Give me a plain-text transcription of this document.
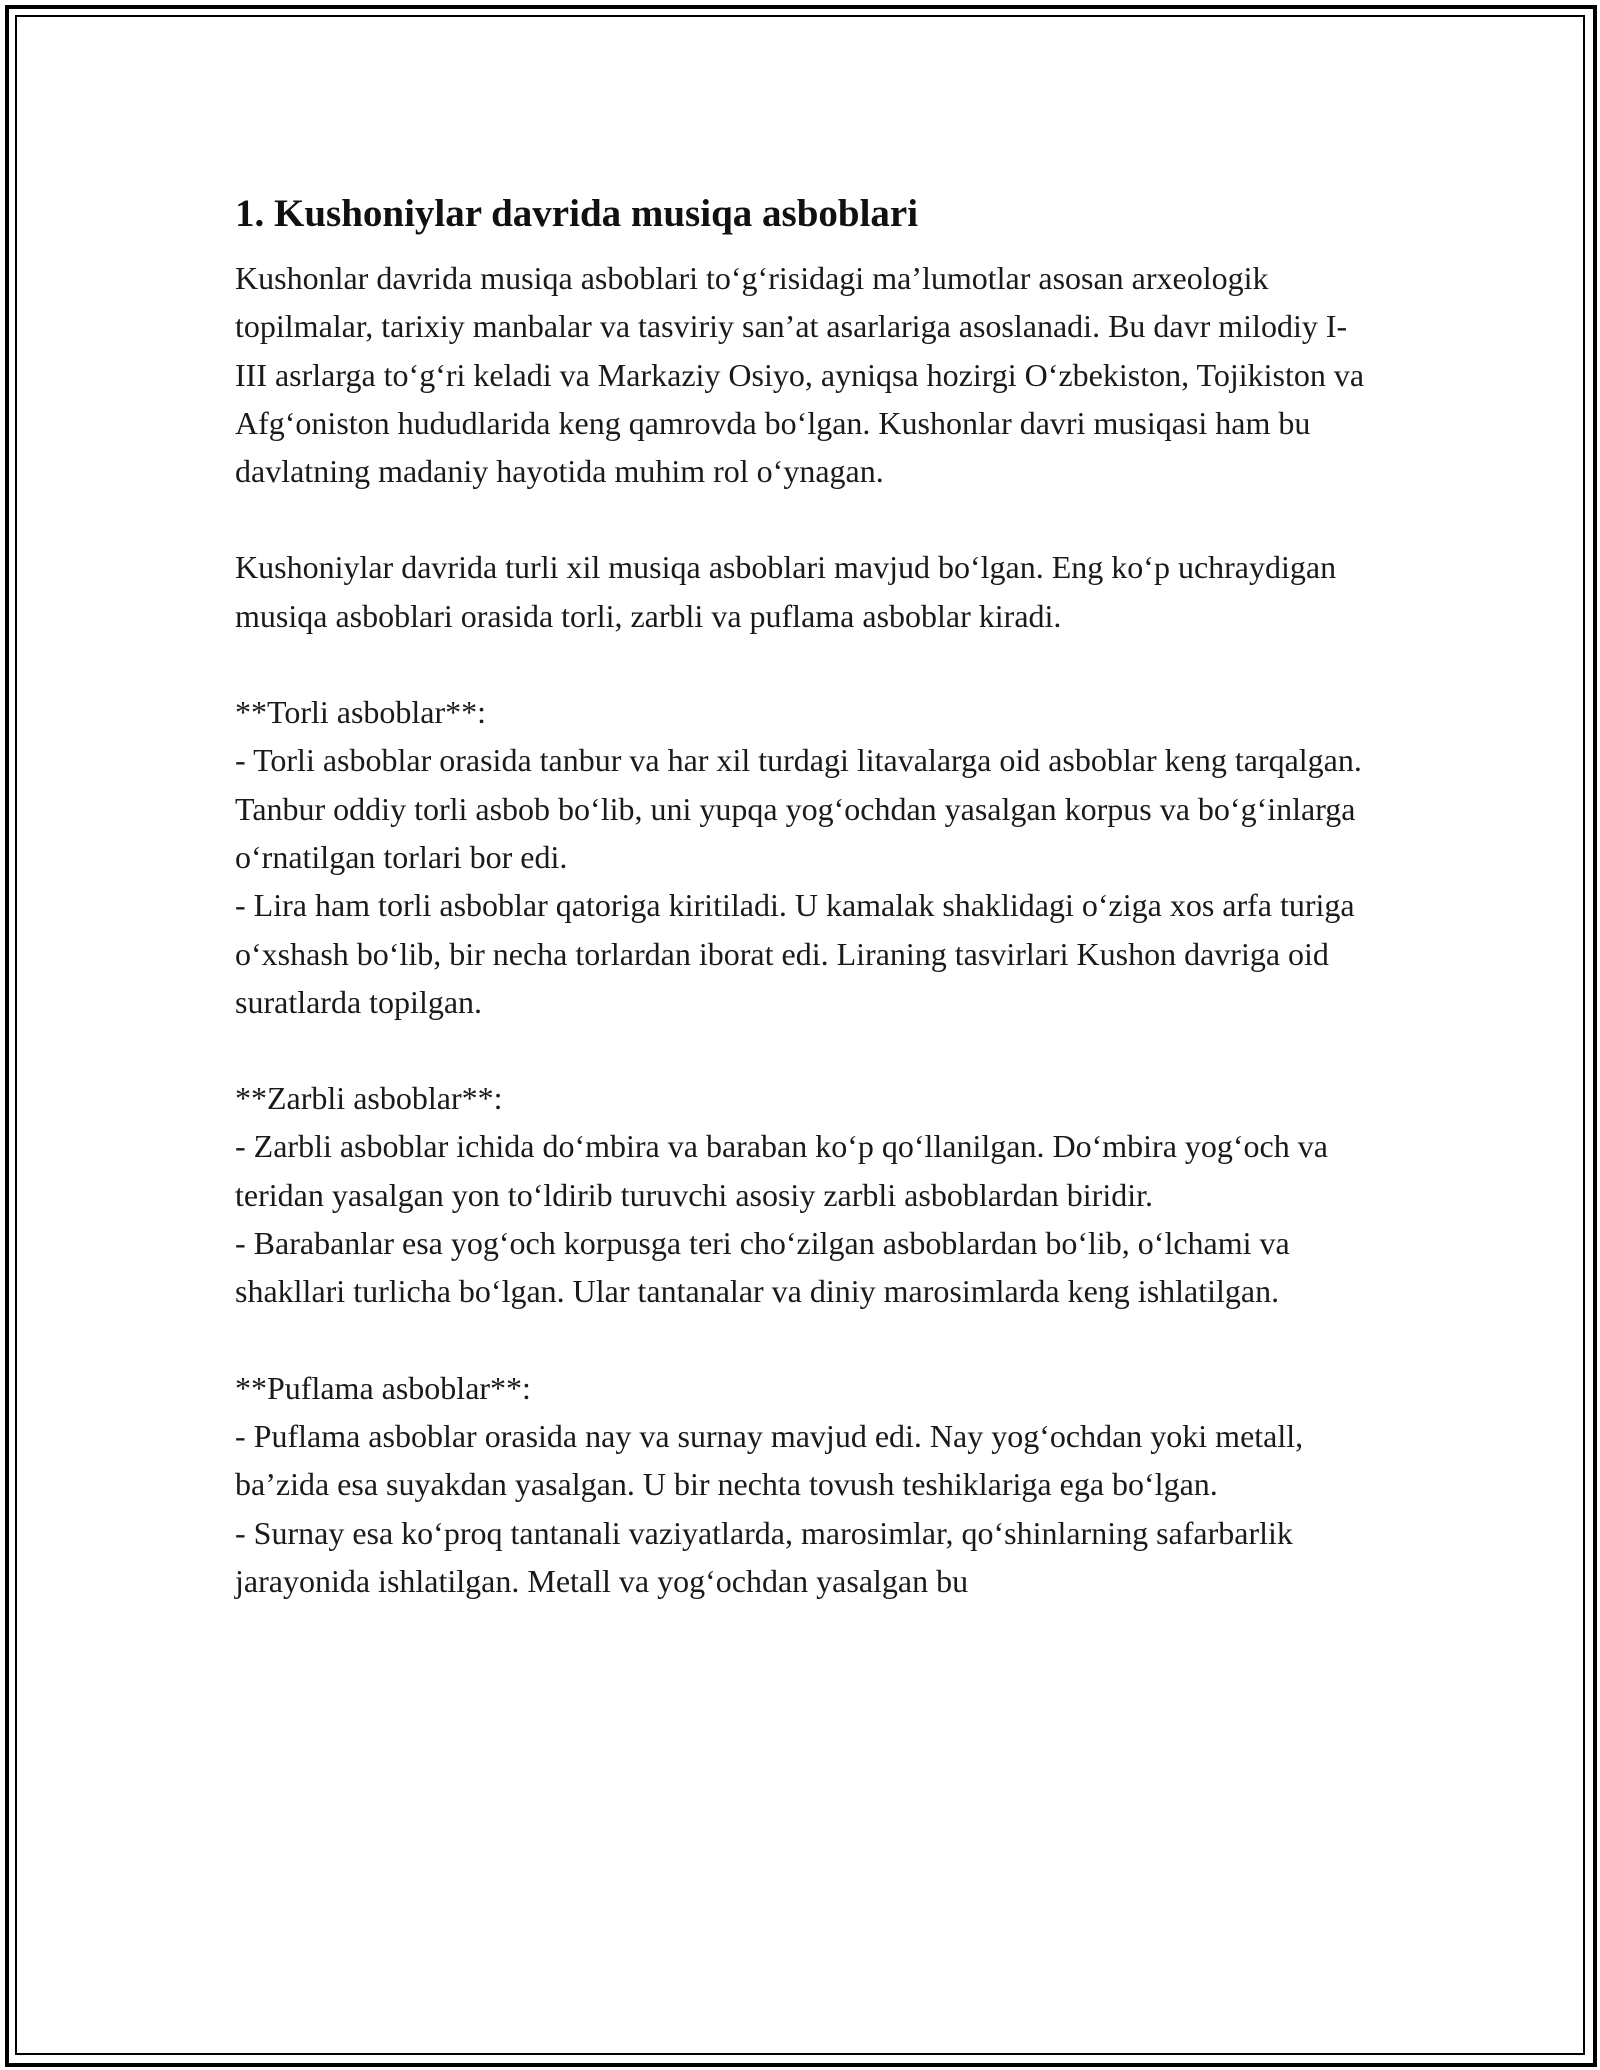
1. Kushoniylar davrida musiqa asboblari

Kushonlar davrida musiqa asboblari to‘g‘risidagi ma’lumotlar asosan arxeologik topilmalar, tarixiy manbalar va tasviriy san’at asarlariga asoslanadi. Bu davr milodiy I-III asrlarga to‘g‘ri keladi va Markaziy Osiyo, ayniqsa hozirgi O‘zbekiston, Tojikiston va Afg‘oniston hududlarida keng qamrovda bo‘lgan. Kushonlar davri musiqasi ham bu davlatning madaniy hayotida muhim rol o‘ynagan.

Kushoniylar davrida turli xil musiqa asboblari mavjud bo‘lgan. Eng ko‘p uchraydigan musiqa asboblari orasida torli, zarbli va puflama asboblar kiradi.

**Torli asboblar**:

- Torli asboblar orasida tanbur va har xil turdagi litavalarga oid asboblar keng tarqalgan. Tanbur oddiy torli asbob bo‘lib, uni yupqa yog‘ochdan yasalgan korpus va bo‘g‘inlarga o‘rnatilgan torlari bor edi.

- Lira ham torli asboblar qatoriga kiritiladi. U kamalak shaklidagi o‘ziga xos arfa turiga o‘xshash bo‘lib, bir necha torlardan iborat edi. Liraning tasvirlari Kushon davriga oid suratlarda topilgan.

**Zarbli asboblar**:

- Zarbli asboblar ichida do‘mbira va baraban ko‘p qo‘llanilgan. Do‘mbira yog‘och va teridan yasalgan yon to‘ldirib turuvchi asosiy zarbli asboblardan biridir.

- Barabanlar esa yog‘och korpusga teri cho‘zilgan asboblardan bo‘lib, o‘lchami va shakllari turlicha bo‘lgan. Ular tantanalar va diniy marosimlarda keng ishlatilgan.

**Puflama asboblar**:

- Puflama asboblar orasida nay va surnay mavjud edi. Nay yog‘ochdan yoki metall, ba’zida esa suyakdan yasalgan. U bir nechta tovush teshiklariga ega bo‘lgan.

- Surnay esa ko‘proq tantanali vaziyatlarda, marosimlar, qo‘shinlarning safarbarlik jarayonida ishlatilgan. Metall va yog‘ochdan yasalgan bu
